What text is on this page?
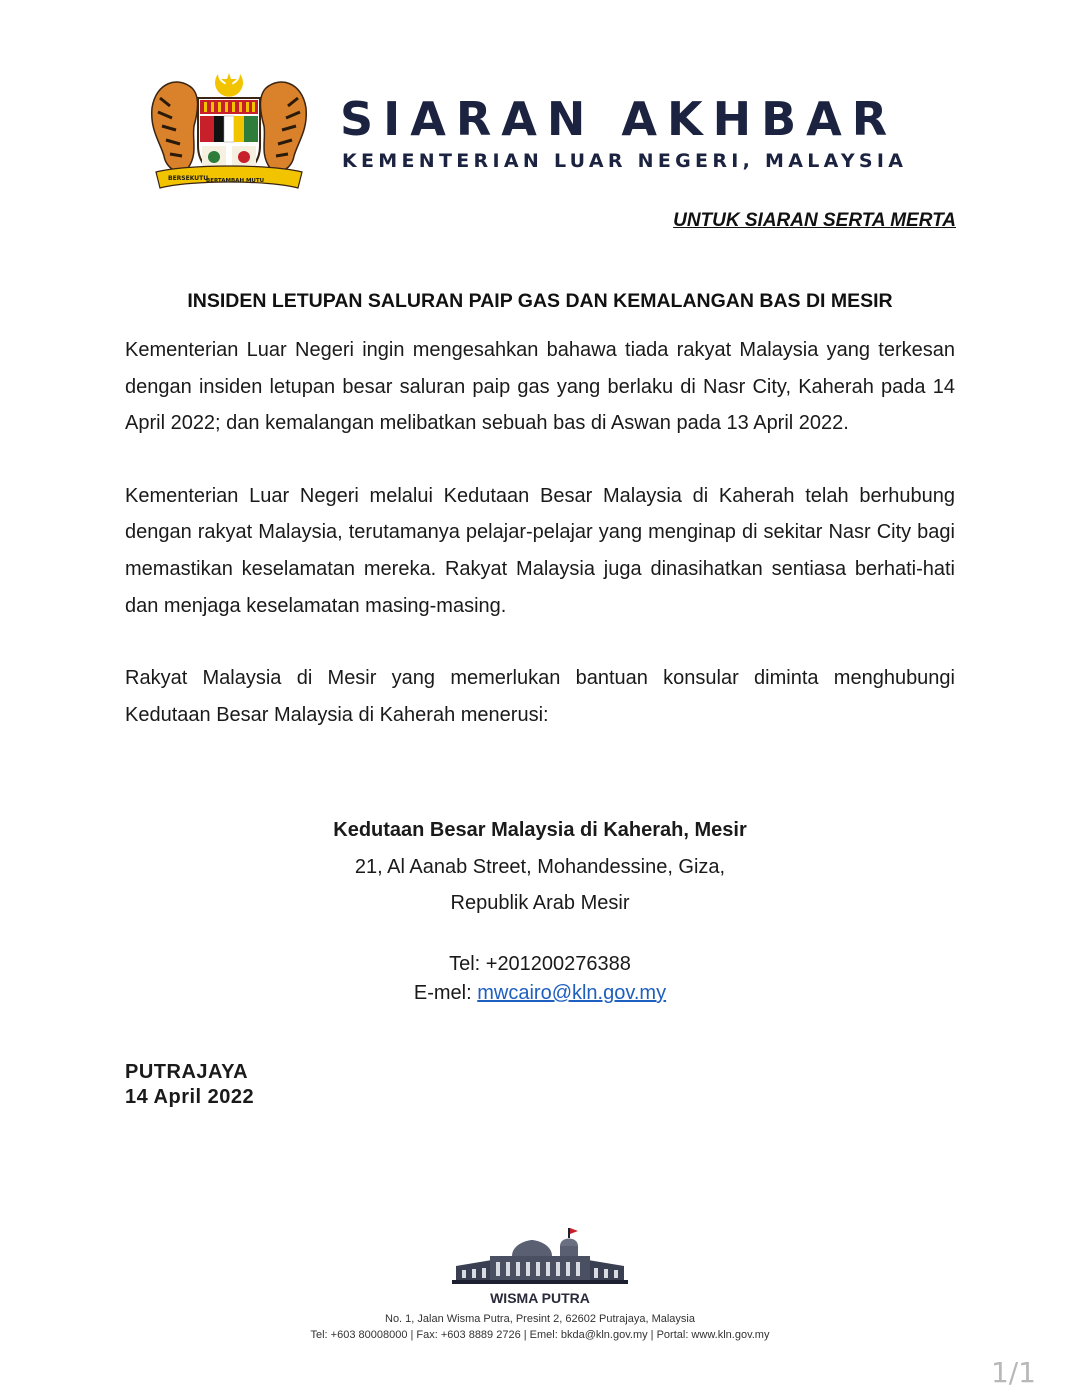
BERSEKUTU
BERTAMBAH MUTU
SIARAN AKHBAR
KEMENTERIAN LUAR NEGERI, MALAYSIA
UNTUK SIARAN SERTA MERTA
INSIDEN LETUPAN SALURAN PAIP GAS DAN KEMALANGAN BAS DI MESIR

Kementerian Luar Negeri ingin mengesahkan bahawa tiada rakyat Malaysia yang terkesan dengan insiden letupan besar saluran paip gas yang berlaku di Nasr City, Kaherah pada 14 April 2022; dan kemalangan melibatkan sebuah bas di Aswan pada 13 April 2022.

Kementerian Luar Negeri melalui Kedutaan Besar Malaysia di Kaherah telah berhubung dengan rakyat Malaysia, terutamanya pelajar-pelajar yang menginap di sekitar Nasr City bagi memastikan keselamatan mereka. Rakyat Malaysia juga dinasihatkan sentiasa berhati-hati dan menjaga keselamatan masing-masing.

Rakyat Malaysia di Mesir yang memerlukan bantuan konsular diminta menghubungi Kedutaan Besar Malaysia di Kaherah menerusi:

Kedutaan Besar Malaysia di Kaherah, Mesir
21, Al Aanab Street, Mohandessine, Giza,
Republik Arab Mesir
Tel: +201200276388
E-mel: mwcairo@kln.gov.my
PUTRAJAYA
14 April 2022
WISMA PUTRA
No. 1, Jalan Wisma Putra, Presint 2, 62602 Putrajaya, Malaysia
Tel: +603 80008000 | Fax: +603 8889 2726 | Emel: bkda@kln.gov.my | Portal: www.kln.gov.my
1/1
